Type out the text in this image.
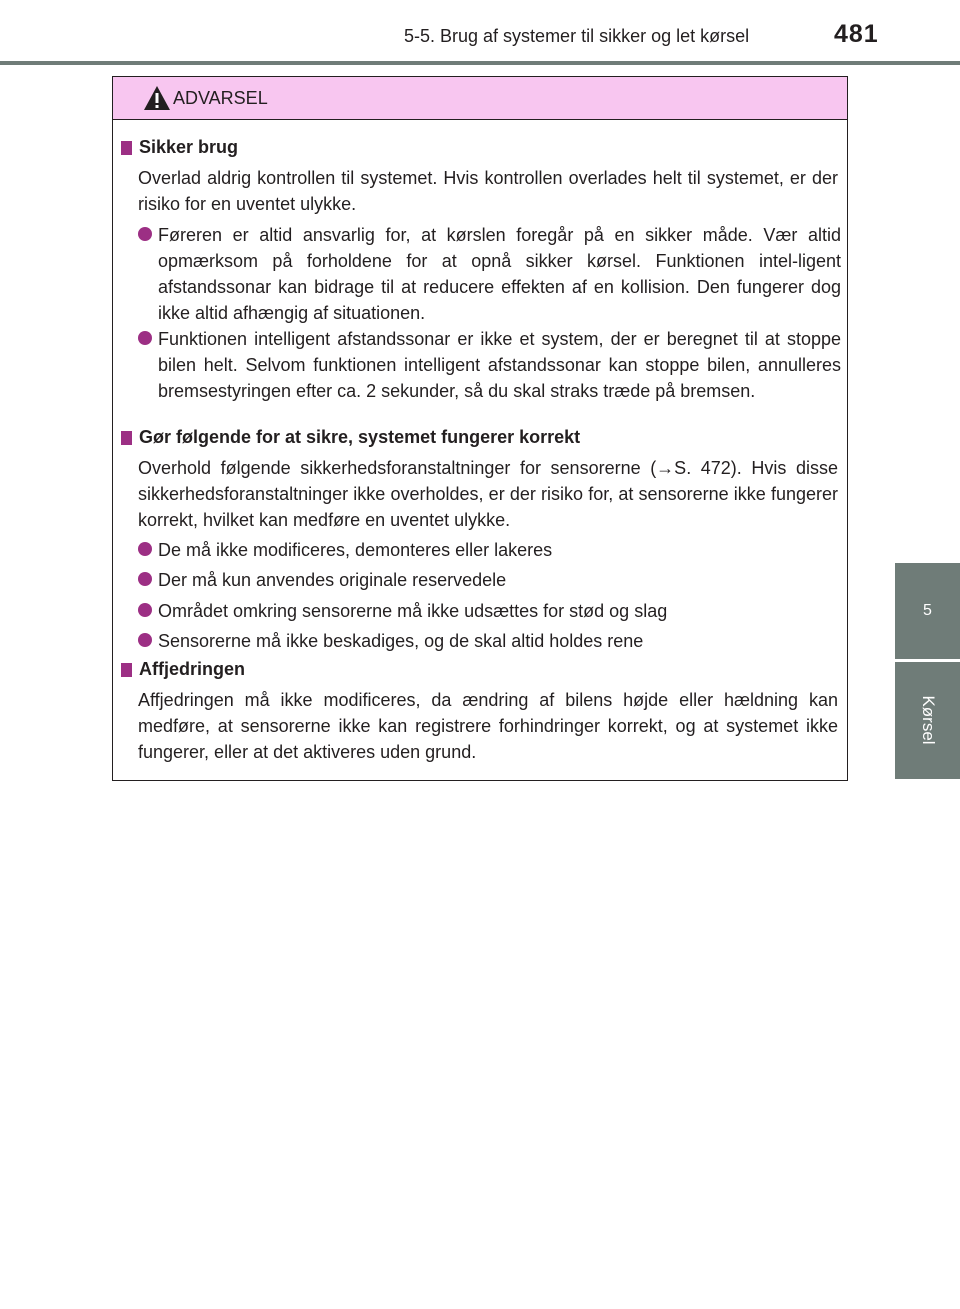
5-5. Brug af systemer til sikker og let kørsel	481
5
Kørsel
ADVARSEL
Sikker brug
Overlad aldrig kontrollen til systemet. Hvis kontrollen overlades helt til systemet, er der risiko for en uventet ulykke.
Føreren er altid ansvarlig for, at kørslen foregår på en sikker måde. Vær altid opmærksom på forholdene for at opnå sikker kørsel. Funktionen intel-ligent afstandssonar kan bidrage til at reducere effekten af en kollision. Den fungerer dog ikke altid afhængig af situationen.
Funktionen intelligent afstandssonar er ikke et system, der er beregnet til at stoppe bilen helt. Selvom funktionen intelligent afstandssonar kan stoppe bilen, annulleres bremsestyringen efter ca. 2 sekunder, så du skal straks træde på bremsen.
Gør følgende for at sikre, systemet fungerer korrekt
Overhold følgende sikkerhedsforanstaltninger for sensorerne (→S. 472). Hvis disse sikkerhedsforanstaltninger ikke overholdes, er der risiko for, at sensorerne ikke fungerer korrekt, hvilket kan medføre en uventet ulykke.
De må ikke modificeres, demonteres eller lakeres
Der må kun anvendes originale reservedele
Området omkring sensorerne må ikke udsættes for stød og slag
Sensorerne må ikke beskadiges, og de skal altid holdes rene
Affjedringen
Affjedringen må ikke modificeres, da ændring af bilens højde eller hældning kan medføre, at sensorerne ikke kan registrere forhindringer korrekt, og at systemet ikke fungerer, eller at det aktiveres uden grund.
